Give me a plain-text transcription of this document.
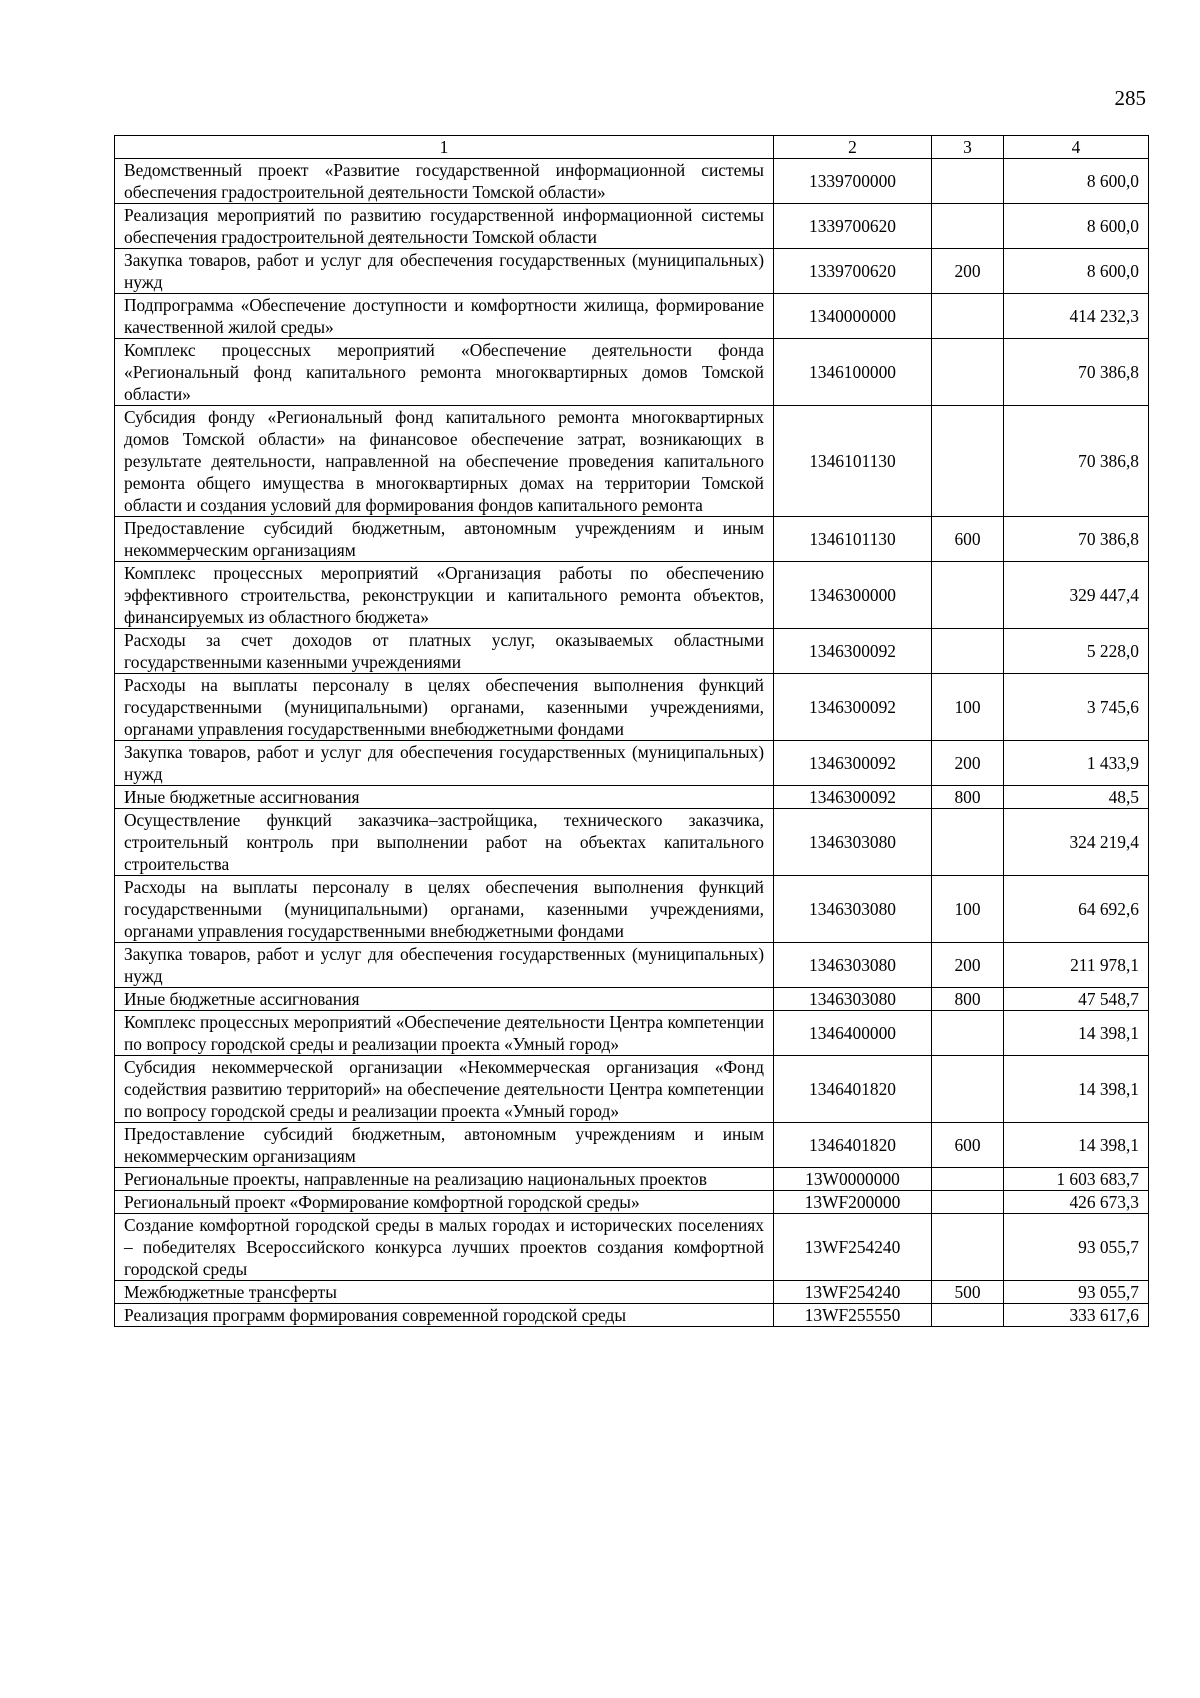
285
1	2	3	4
Ведомственный проект «Развитие государственной информационной системы обеспечения градостроительной деятельности Томской области»	1339700000		8 600,0
Реализация мероприятий по развитию государственной информационной системы обеспечения градостроительной деятельности Томской области	1339700620		8 600,0
Закупка товаров, работ и услуг для обеспечения государственных (муниципальных) нужд	1339700620	200	8 600,0
Подпрограмма «Обеспечение доступности и комфортности жилища, формирование качественной жилой среды»	1340000000		414 232,3
Комплекс процессных мероприятий «Обеспечение деятельности фонда «Региональный фонд капитального ремонта многоквартирных домов Томской области»	1346100000		70 386,8
Субсидия фонду «Региональный фонд капитального ремонта многоквартирных домов Томской области» на финансовое обеспечение затрат, возникающих в результате деятельности, направленной на обеспечение проведения капитального ремонта общего имущества в многоквартирных домах на территории Томской области и создания условий для формирования фондов капитального ремонта	1346101130		70 386,8
Предоставление субсидий бюджетным, автономным учреждениям и иным некоммерческим организациям	1346101130	600	70 386,8
Комплекс процессных мероприятий «Организация работы по обеспечению эффективного строительства, реконструкции и капитального ремонта объектов, финансируемых из областного бюджета»	1346300000		329 447,4
Расходы за счет доходов от платных услуг, оказываемых областными государственными казенными учреждениями	1346300092		5 228,0
Расходы на выплаты персоналу в целях обеспечения выполнения функций государственными (муниципальными) органами, казенными учреждениями, органами управления государственными внебюджетными фондами	1346300092	100	3 745,6
Закупка товаров, работ и услуг для обеспечения государственных (муниципальных) нужд	1346300092	200	1 433,9
Иные бюджетные ассигнования	1346300092	800	48,5
Осуществление функций заказчика–застройщика, технического заказчика, строительный контроль при выполнении работ на объектах капитального строительства	1346303080		324 219,4
Расходы на выплаты персоналу в целях обеспечения выполнения функций государственными (муниципальными) органами, казенными учреждениями, органами управления государственными внебюджетными фондами	1346303080	100	64 692,6
Закупка товаров, работ и услуг для обеспечения государственных (муниципальных) нужд	1346303080	200	211 978,1
Иные бюджетные ассигнования	1346303080	800	47 548,7
Комплекс процессных мероприятий «Обеспечение деятельности Центра компетенции по вопросу городской среды и реализации проекта «Умный город»	1346400000		14 398,1
Субсидия некоммерческой организации «Некоммерческая организация «Фонд содействия развитию территорий» на обеспечение деятельности Центра компетенции по вопросу городской среды и реализации проекта «Умный город»	1346401820		14 398,1
Предоставление субсидий бюджетным, автономным учреждениям и иным некоммерческим организациям	1346401820	600	14 398,1
Региональные проекты, направленные на реализацию национальных проектов	13W0000000		1 603 683,7
Региональный проект «Формирование комфортной городской среды»	13WF200000		426 673,3
Создание комфортной городской среды в малых городах и исторических поселениях – победителях Всероссийского конкурса лучших проектов создания комфортной городской среды	13WF254240		93 055,7
Межбюджетные трансферты	13WF254240	500	93 055,7
Реализация программ формирования современной городской среды	13WF255550		333 617,6
